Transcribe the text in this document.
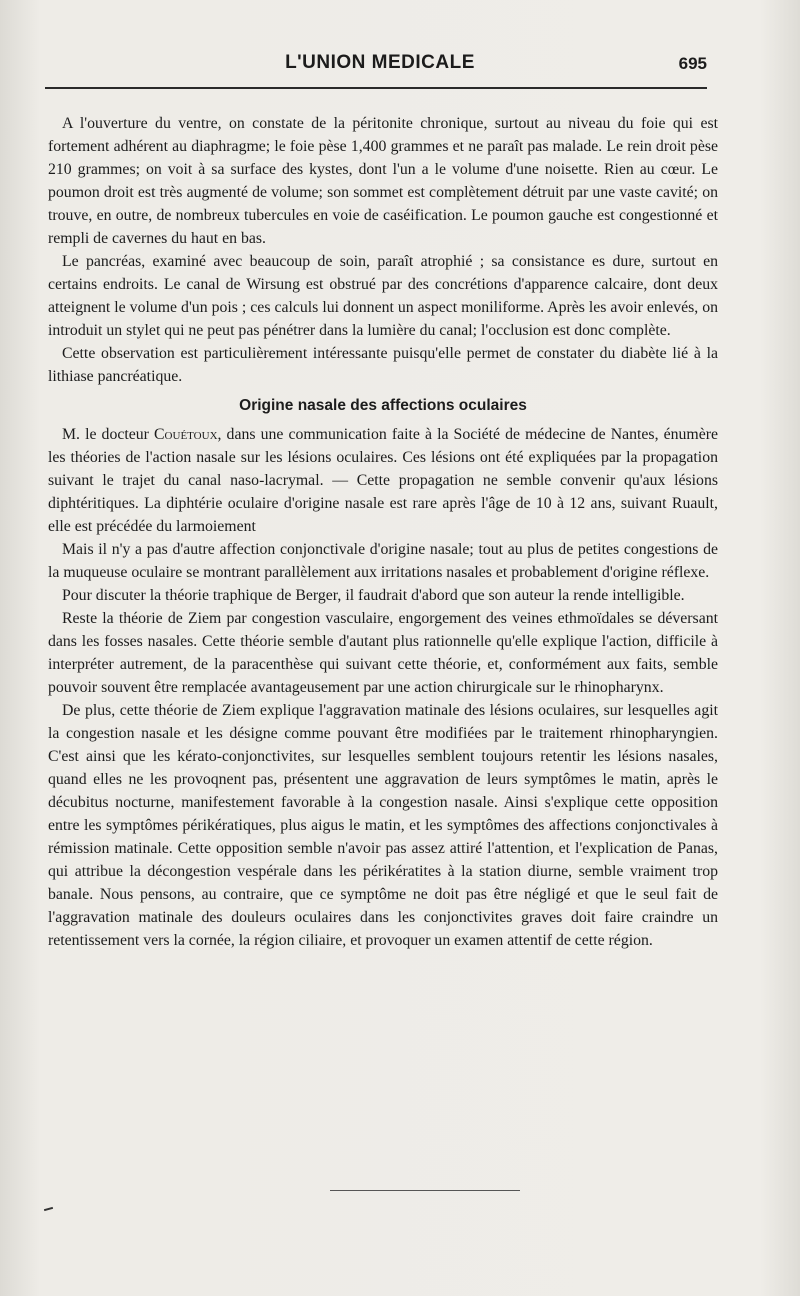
L'UNION MEDICALE	695

A l'ouverture du ventre, on constate de la péritonite chronique, surtout au niveau du foie qui est fortement adhérent au diaphragme; le foie pèse 1,400 grammes et ne paraît pas malade. Le rein droit pèse 210 grammes; on voit à sa surface des kystes, dont l'un a le volume d'une noisette. Rien au cœur. Le poumon droit est très augmenté de volume; son sommet est complètement détruit par une vaste cavité; on trouve, en outre, de nombreux tubercules en voie de caséification. Le poumon gauche est congestionné et rempli de cavernes du haut en bas.

Le pancréas, examiné avec beaucoup de soin, paraît atrophié ; sa consistance es dure, surtout en certains endroits. Le canal de Wirsung est obstrué par des concrétions d'apparence calcaire, dont deux atteignent le volume d'un pois ; ces calculs lui donnent un aspect moniliforme. Après les avoir enlevés, on introduit un stylet qui ne peut pas pénétrer dans la lumière du canal; l'occlusion est donc complète.

Cette observation est particulièrement intéressante puisqu'elle permet de constater du diabète lié à la lithiase pancréatique.

Origine nasale des affections oculaires

M. le docteur Couétoux, dans une communication faite à la Société de médecine de Nantes, énumère les théories de l'action nasale sur les lésions oculaires. Ces lésions ont été expliquées par la propagation suivant le trajet du canal naso-lacrymal. — Cette propagation ne semble convenir qu'aux lésions diphtéritiques. La diphtérie oculaire d'origine nasale est rare après l'âge de 10 à 12 ans, suivant Ruault, elle est précédée du larmoiement

Mais il n'y a pas d'autre affection conjonctivale d'origine nasale; tout au plus de petites congestions de la muqueuse oculaire se montrant parallèlement aux irritations nasales et probablement d'origine réflexe.

Pour discuter la théorie traphique de Berger, il faudrait d'abord que son auteur la rende intelligible.

Reste la théorie de Ziem par congestion vasculaire, engorgement des veines ethmoïdales se déversant dans les fosses nasales. Cette théorie semble d'autant plus rationnelle qu'elle explique l'action, difficile à interpréter autrement, de la paracenthèse qui suivant cette théorie, et, conformément aux faits, semble pouvoir souvent être remplacée avantageusement par une action chirurgicale sur le rhinopharynx.

De plus, cette théorie de Ziem explique l'aggravation matinale des lésions oculaires, sur lesquelles agit la congestion nasale et les désigne comme pouvant être modifiées par le traitement rhinopharyngien. C'est ainsi que les kérato-conjonctivites, sur lesquelles semblent toujours retentir les lésions nasales, quand elles ne les provoqnent pas, présentent une aggravation de leurs symptômes le matin, après le décubitus nocturne, manifestement favorable à la congestion nasale. Ainsi s'explique cette opposition entre les symptômes périkératiques, plus aigus le matin, et les symptômes des affections conjonctivales à rémission matinale. Cette opposition semble n'avoir pas assez attiré l'attention, et l'explication de Panas, qui attribue la décongestion vespérale dans les périkératites à la station diurne, semble vraiment trop banale. Nous pensons, au contraire, que ce symptôme ne doit pas être négligé et que le seul fait de l'aggravation matinale des douleurs oculaires dans les conjonctivites graves doit faire craindre un retentissement vers la cornée, la région ciliaire, et provoquer un examen attentif de cette région.
